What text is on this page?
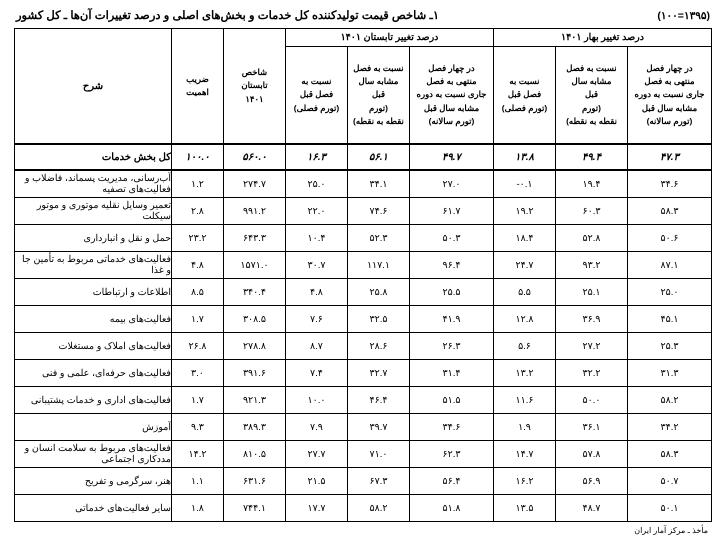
۱ـ شاخص قیمت تولیدکننده کل خدمات و بخش‌های اصلی و درصد تغییرات آن‌ها ـ کل کشور	(۱۳۹۵=۱۰۰)
درصد تغییر بهار ۱۴۰۱			درصد تغییر تابستان ۱۴۰۱			شاخص
تابستان
۱۴۰۱	ضریب
اهمیت	شرح

در چهار فصل
منتهی به فصل
جاری نسبت به دوره
مشابه سال قبل
(تورم سالانه)	نسبت به فصل
مشابه سال
قبل
(تورم
نقطه به نقطه)	نسبت به
فصل قبل
(تورم فصلی)	در چهار فصل
منتهی به فصل
جاری نسبت به دوره
مشابه سال قبل
(تورم سالانه)	نسبت به فصل
مشابه سال
قبل
(تورم
نقطه به نقطه)	نسبت به
فصل قبل
(تورم فصلی)			

۴۷.۳	۴۹.۴	۱۳.۸	۴۹.۷	۵۶.۱	۱۶.۳	۵۶۰.۰	۱۰۰.۰	کل بخش خدمات
۳۴.۶	۱۹.۴	-۰.۱	۲۷.۰	۳۴.۱	۲۵.۰	۲۷۴.۷	۱.۲	آب‌رسانی، مدیریت پسماند، فاضلاب و فعالیت‌های تصفیه
۵۸.۳	۶۰.۳	۱۹.۲	۶۱.۷	۷۴.۶	۲۲.۰	۹۹۱.۲	۲.۸	تعمیر وسایل نقلیه موتوری و موتور سیکلت
۵۰.۶	۵۲.۸	۱۸.۴	۵۰.۳	۵۲.۳	۱۰.۴	۶۴۳.۳	۲۳.۲	حمل و نقل و انبارداری
۸۷.۱	۹۳.۲	۲۴.۷	۹۶.۴	۱۱۷.۱	۳۰.۷	۱۵۷۱.۰	۴.۸	فعالیت‌های خدماتی مربوط به تأمین جا و غذا
۲۵.۰	۲۵.۱	۵.۵	۲۵.۵	۲۵.۸	۴.۸	۳۴۰.۴	۸.۵	اطلاعات و ارتباطات
۴۵.۱	۳۶.۹	۱۲.۸	۴۱.۹	۳۲.۵	۷.۶	۳۰۸.۵	۱.۷	فعالیت‌های بیمه
۲۵.۳	۲۷.۲	۵.۶	۲۶.۳	۲۸.۶	۸.۷	۲۷۸.۸	۲۶.۸	فعالیت‌های املاک و مستغلات
۳۱.۳	۳۲.۲	۱۳.۲	۳۱.۴	۳۲.۷	۷.۴	۳۹۱.۶	۳.۰	فعالیت‌های حرفه‌ای، علمی و فنی
۵۸.۲	۵۰.۰	۱۱.۶	۵۱.۵	۴۶.۴	۱۰.۰	۹۲۱.۳	۱.۷	فعالیت‌های اداری و خدمات پشتیبانی
۳۴.۲	۳۶.۱	۱.۹	۳۴.۶	۳۹.۷	۷.۹	۳۸۹.۳	۹.۳	آموزش
۵۸.۳	۵۷.۸	۱۴.۷	۶۲.۳	۷۱.۰	۲۷.۷	۸۱۰.۵	۱۴.۲	فعالیت‌های مربوط به سلامت انسان و مددکاری اجتماعی
۵۰.۷	۵۶.۹	۱۶.۲	۵۶.۴	۶۷.۳	۲۱.۵	۶۳۱.۶	۱.۱	هنر، سرگرمی و تفریح
۵۰.۱	۴۸.۷	۱۳.۵	۵۱.۸	۵۸.۲	۱۷.۷	۷۴۴.۱	۱.۸	سایر فعالیت‌های خدماتی
مأخذ ـ مرکز آمار ایران
